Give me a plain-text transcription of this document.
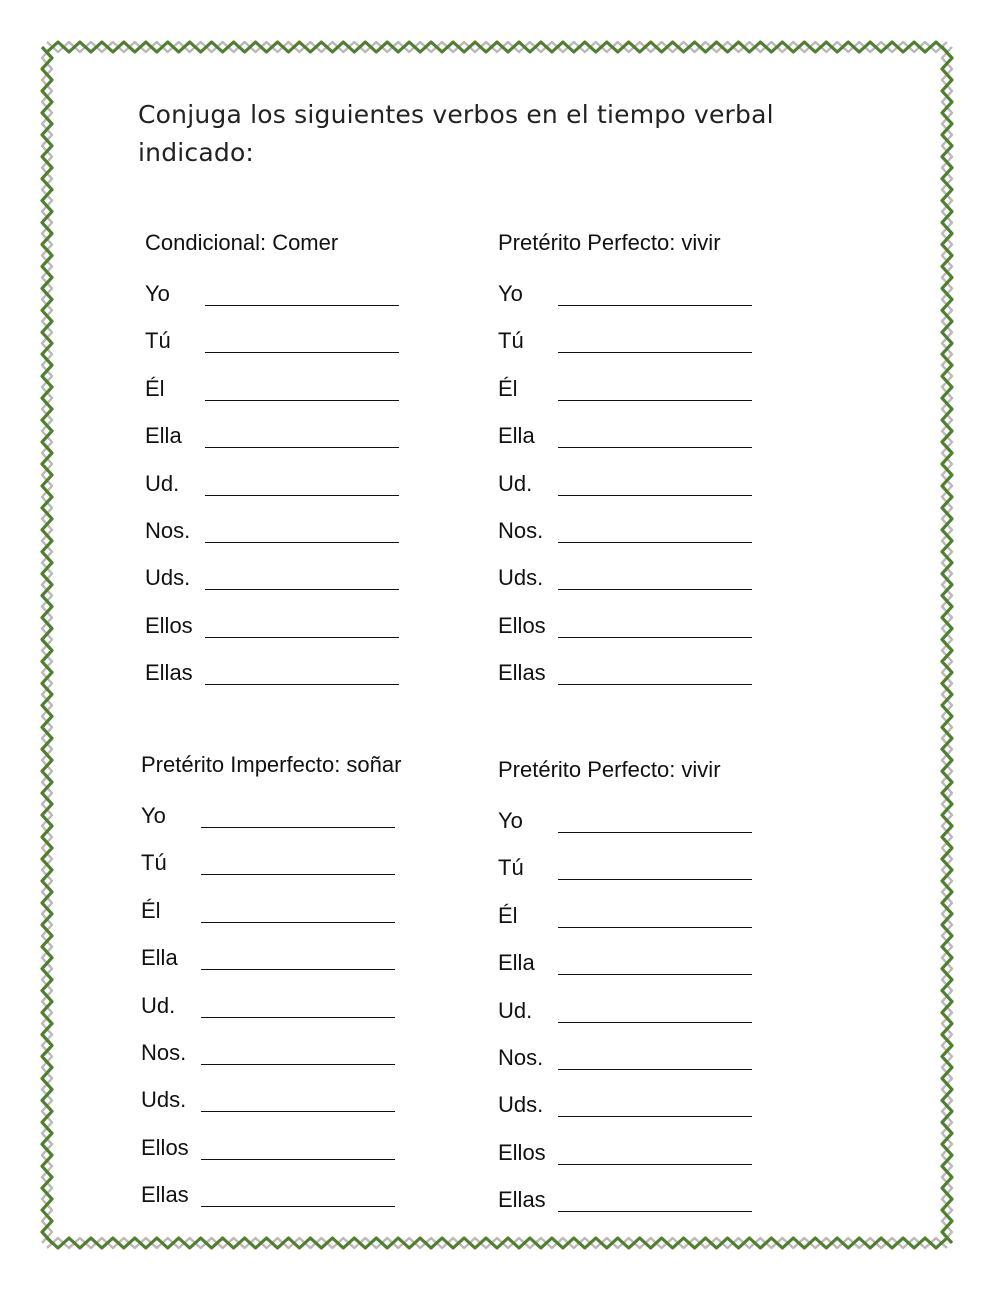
Conjuga los siguientes verbos en el tiempo verbal indicado:
Condicional: Comer
Yo
Tú
Él
Ella
Ud.
Nos.
Uds.
Ellos
Ellas
Pretérito Perfecto: vivir
Yo
Tú
Él
Ella
Ud.
Nos.
Uds.
Ellos
Ellas
Pretérito Imperfecto: soñar
Yo
Tú
Él
Ella
Ud.
Nos.
Uds.
Ellos
Ellas
Pretérito Perfecto: vivir
Yo
Tú
Él
Ella
Ud.
Nos.
Uds.
Ellos
Ellas
